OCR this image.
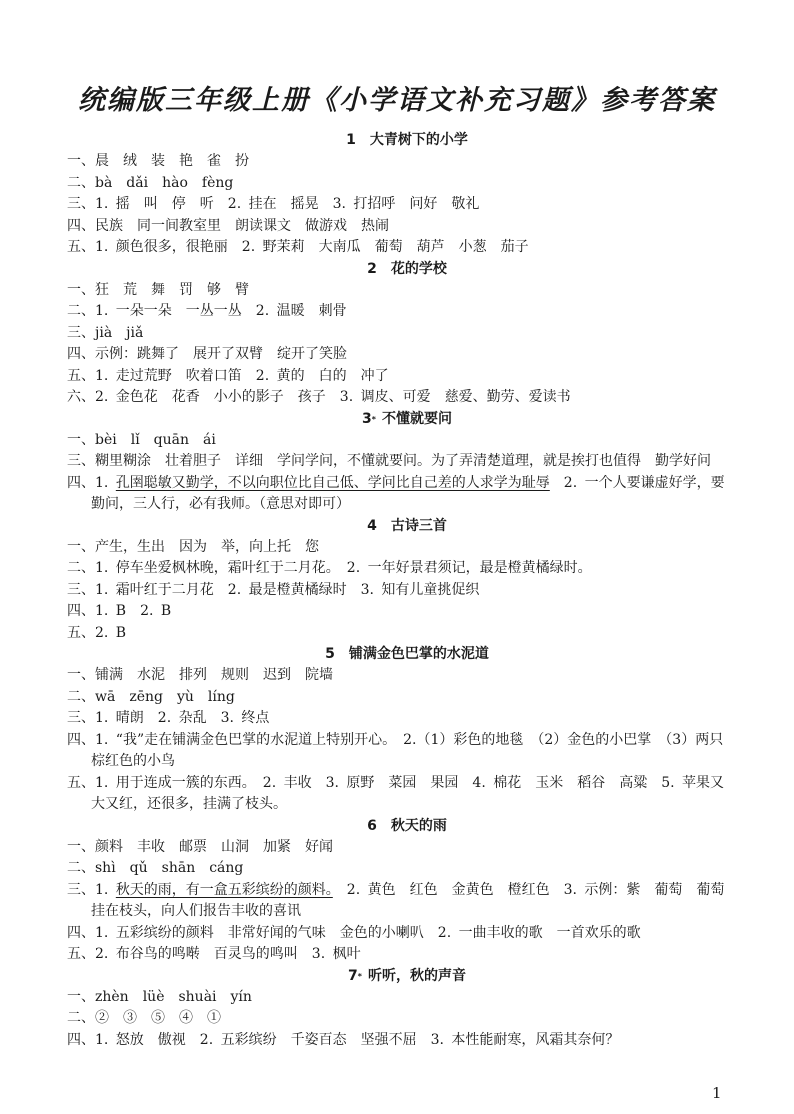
统编版三年级上册《小学语文补充习题》参考答案
1 大青树下的小学
一、晨　绒　装　艳　雀　扮
二、bà　dǎi　hào　fèng
三、1. 摇　叫　停　听　2. 挂在　摇晃　3. 打招呼　问好　敬礼
四、民族　同一间教室里　朗读课文　做游戏　热闹
五、1. 颜色很多，很艳丽　2. 野茉莉　大南瓜　葡萄　葫芦　小葱　茄子
2 花的学校
一、狂　荒　舞　罚　够　臂
二、1. 一朵一朵　一丛一丛　2. 温暖　刺骨
三、jià　jiǎ
四、示例：跳舞了　展开了双臂　绽开了笑脸
五、1. 走过荒野　吹着口笛　2. 黄的　白的　冲了
六、2. 金色花　花香　小小的影子　孩子　3. 调皮、可爱　慈爱、勤劳、爱读书
3* 不懂就要问
一、bèi　lǐ　quān　ái
三、糊里糊涂　壮着胆子　详细　学问学问，不懂就要问。为了弄清楚道理，就是挨打也值得　勤学好问
四、1. 孔圉聪敏又勤学，不以向职位比自己低、学问比自己差的人求学为耻辱　2. 一个人要谦虚好学，要勤问，三人行，必有我师。（意思对即可）
4 古诗三首
一、产生，生出　因为　举，向上托　您
二、1. 停车坐爱枫林晚，霜叶红于二月花。　2. 一年好景君须记，最是橙黄橘绿时。
三、1. 霜叶红于二月花　2. 最是橙黄橘绿时　3. 知有儿童挑促织
四、1. B　2. B
五、2. B
5 铺满金色巴掌的水泥道
一、铺满　水泥　排列　规则　迟到　院墙
二、wā　zēng　yù　líng
三、1. 晴朗　2. 杂乱　3. 终点
四、1. “我”走在铺满金色巴掌的水泥道上特别开心。　2.（1）彩色的地毯　（2）金色的小巴掌　（3）两只棕红色的小鸟
五、1. 用于连成一簇的东西。　2. 丰收　3. 原野　菜园　果园　4. 棉花　玉米　稻谷　高粱　5. 苹果又大又红，还很多，挂满了枝头。
6 秋天的雨
一、颜料　丰收　邮票　山洞　加紧　好闻
二、shì　qǔ　shān　cáng
三、1. 秋天的雨，有一盒五彩缤纷的颜料。　2. 黄色　红色　金黄色　橙红色　3. 示例：紫　葡萄　葡萄挂在枝头，向人们报告丰收的喜讯
四、1. 五彩缤纷的颜料　非常好闻的气味　金色的小喇叭　2. 一曲丰收的歌　一首欢乐的歌
五、2. 布谷鸟的鸣啭　百灵鸟的鸣叫　3. 枫叶
7* 听听，秋的声音
一、zhèn　lüè　shuài　yín
二、②　③　⑤　④　①
四、1. 怒放　傲视　2. 五彩缤纷　千姿百态　坚强不屈　3. 本性能耐寒，风霜其奈何？
1
